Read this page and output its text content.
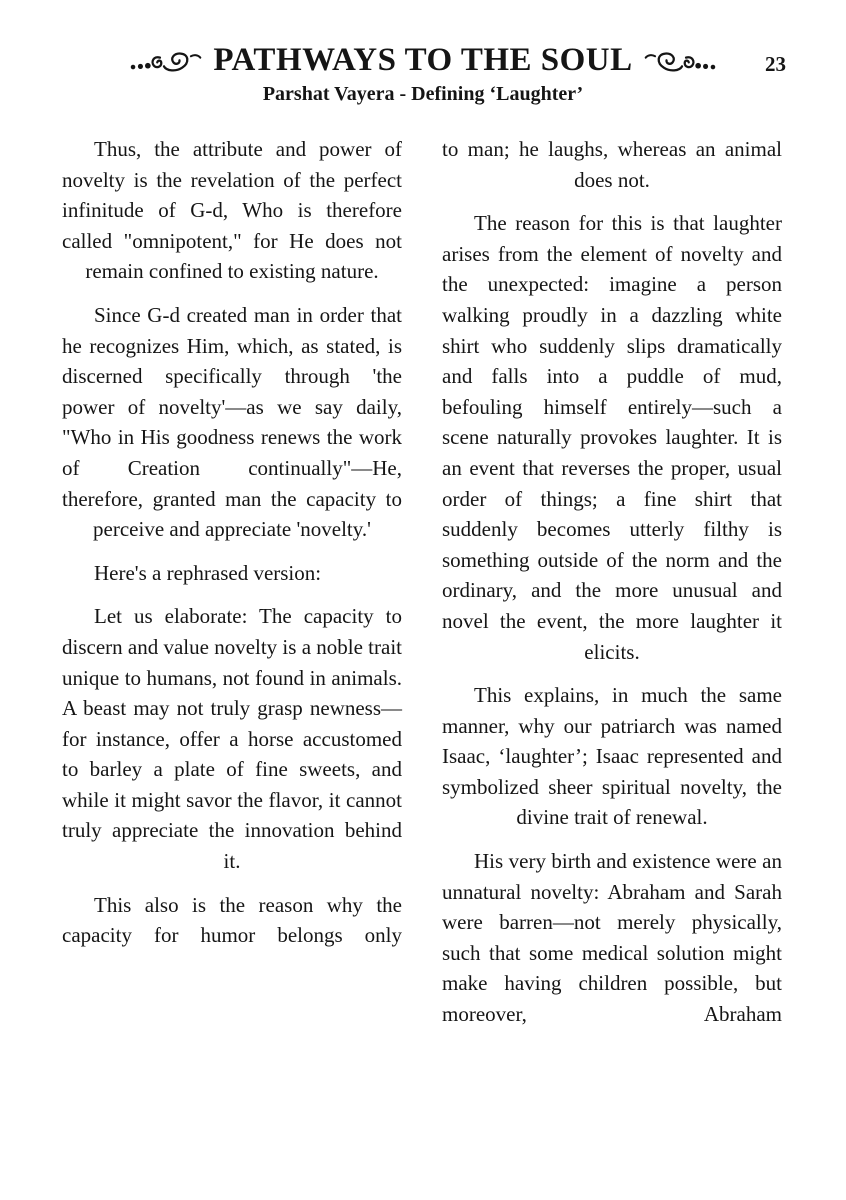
PATHWAYS TO THE SOUL	23
Parshat Vayera - Defining ‘Laughter’

Thus, the attribute and power of novelty is the revelation of the perfect infinitude of G-d, Who is therefore called "omnipotent," for He does not remain confined to existing nature.

Since G-d created man in order that he recognizes Him, which, as stated, is discerned specifically through 'the power of novelty'—as we say daily, "Who in His goodness renews the work of Creation continually"—He, therefore, granted man the capacity to perceive and appreciate 'novelty.'

Here's a rephrased version:

Let us elaborate: The capacity to discern and value novelty is a noble trait unique to humans, not found in animals. A beast may not truly grasp newness—for instance, offer a horse accustomed to barley a plate of fine sweets, and while it might savor the flavor, it cannot truly appreciate the innovation behind it.

This also is the reason why the capacity for humor belongs only

to man; he laughs, whereas an animal does not.

The reason for this is that laughter arises from the element of novelty and the unexpected: imagine a person walking proudly in a dazzling white shirt who suddenly slips dramatically and falls into a puddle of mud, befouling himself entirely—such a scene naturally provokes laughter. It is an event that reverses the proper, usual order of things; a fine shirt that suddenly becomes utterly filthy is something outside of the norm and the ordinary, and the more unusual and novel the event, the more laughter it elicits.

This explains, in much the same manner, why our patriarch was named Isaac, ‘laughter’; Isaac represented and symbolized sheer spiritual novelty, the divine trait of renewal.

His very birth and existence were an unnatural novelty: Abraham and Sarah were barren—not merely physically, such that some medical solution might make having children possible, but moreover, Abraham
